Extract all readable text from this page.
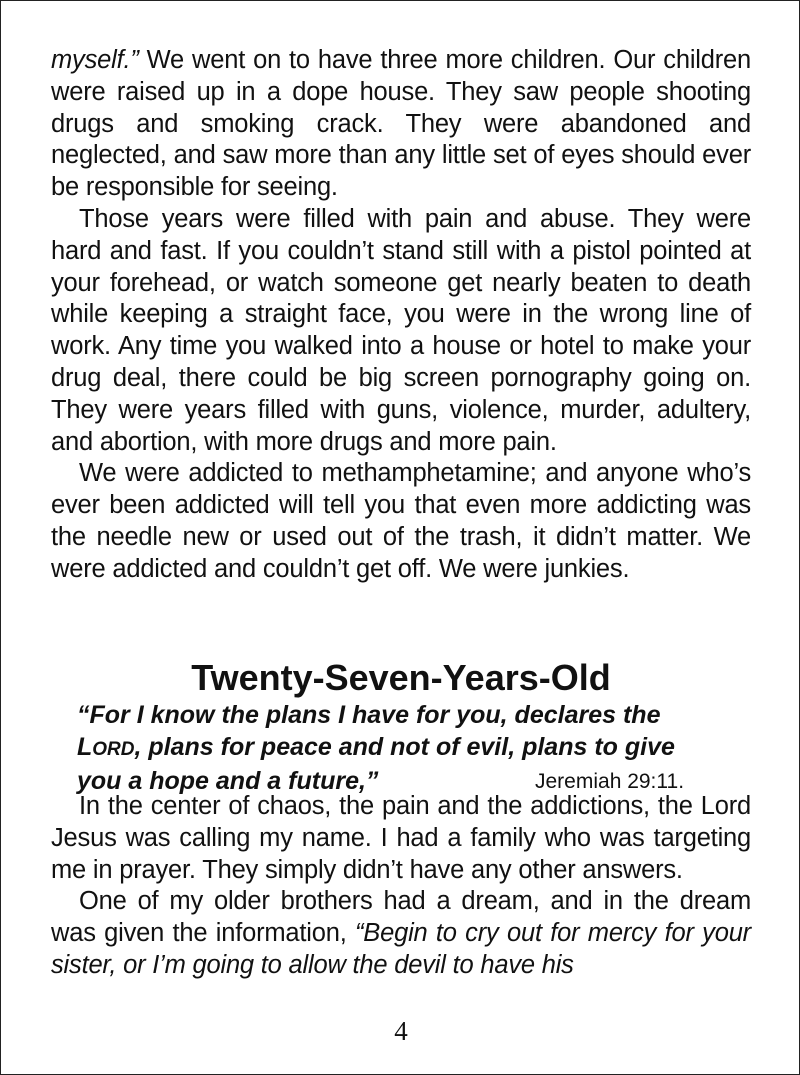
myself.” We went on to have three more children. Our children were raised up in a dope house. They saw people shooting drugs and smoking crack. They were abandoned and neglected, and saw more than any little set of eyes should ever be responsible for seeing.

Those years were filled with pain and abuse. They were hard and fast. If you couldn’t stand still with a pistol pointed at your forehead, or watch someone get nearly beaten to death while keeping a straight face, you were in the wrong line of work. Any time you walked into a house or hotel to make your drug deal, there could be big screen pornography going on. They were years filled with guns, violence, murder, adultery, and abortion, with more drugs and more pain.

We were addicted to methamphetamine; and anyone who’s ever been addicted will tell you that even more addicting was the needle new or used out of the trash, it didn’t matter. We were addicted and couldn’t get off. We were junkies.

Twenty-Seven-Years-Old
“For I know the plans I have for you, declares the
LORD, plans for peace and not of evil, plans to give
you a hope and a future,”	Jeremiah 29:11.

In the center of chaos, the pain and the addictions, the Lord Jesus was calling my name. I had a family who was targeting me in prayer. They simply didn’t have any other answers.

One of my older brothers had a dream, and in the dream was given the information, “Begin to cry out for mercy for your sister, or I’m going to allow the devil to have his

4
